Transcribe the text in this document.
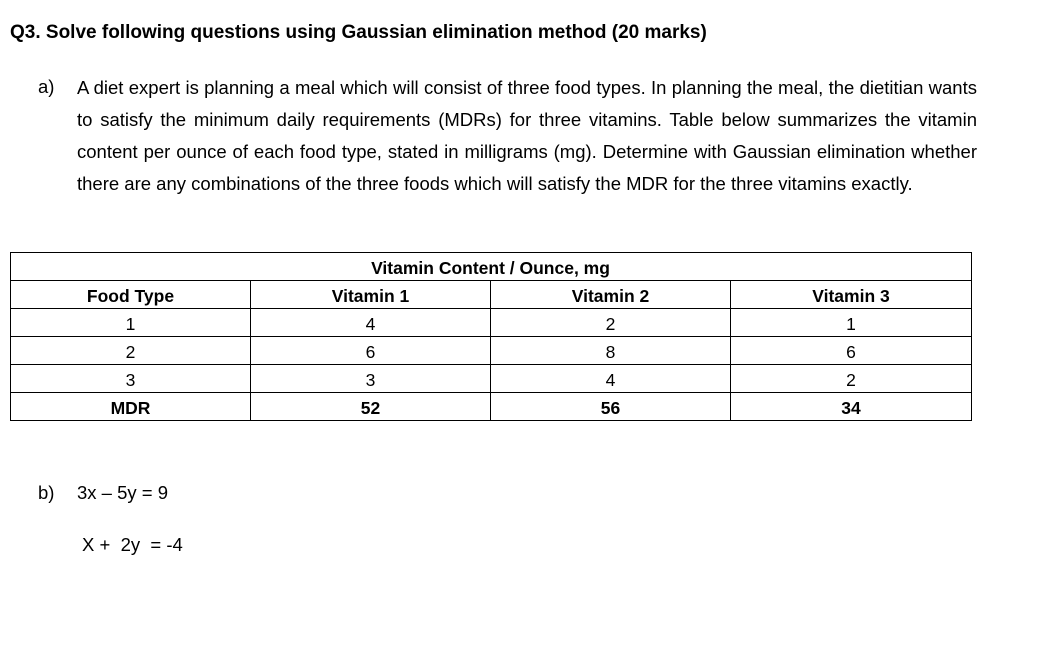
Q3. Solve following questions using Gaussian elimination method (20 marks)
a) A diet expert is planning a meal which will consist of three food types. In planning the meal, the dietitian wants to satisfy the minimum daily requirements (MDRs) for three vitamins. Table below summarizes the vitamin content per ounce of each food type, stated in milligrams (mg). Determine with Gaussian elimination whether there are any combinations of the three foods which will satisfy the MDR for the three vitamins exactly.
	Vitamin Content / Ounce, mg		
Food Type	Vitamin 1	Vitamin 2	Vitamin 3
1	4	2	1
2	6	8	6
3	3	4	2
MDR	52	56	34
b) 3x – 5y = 9
X +  2y  = -4
